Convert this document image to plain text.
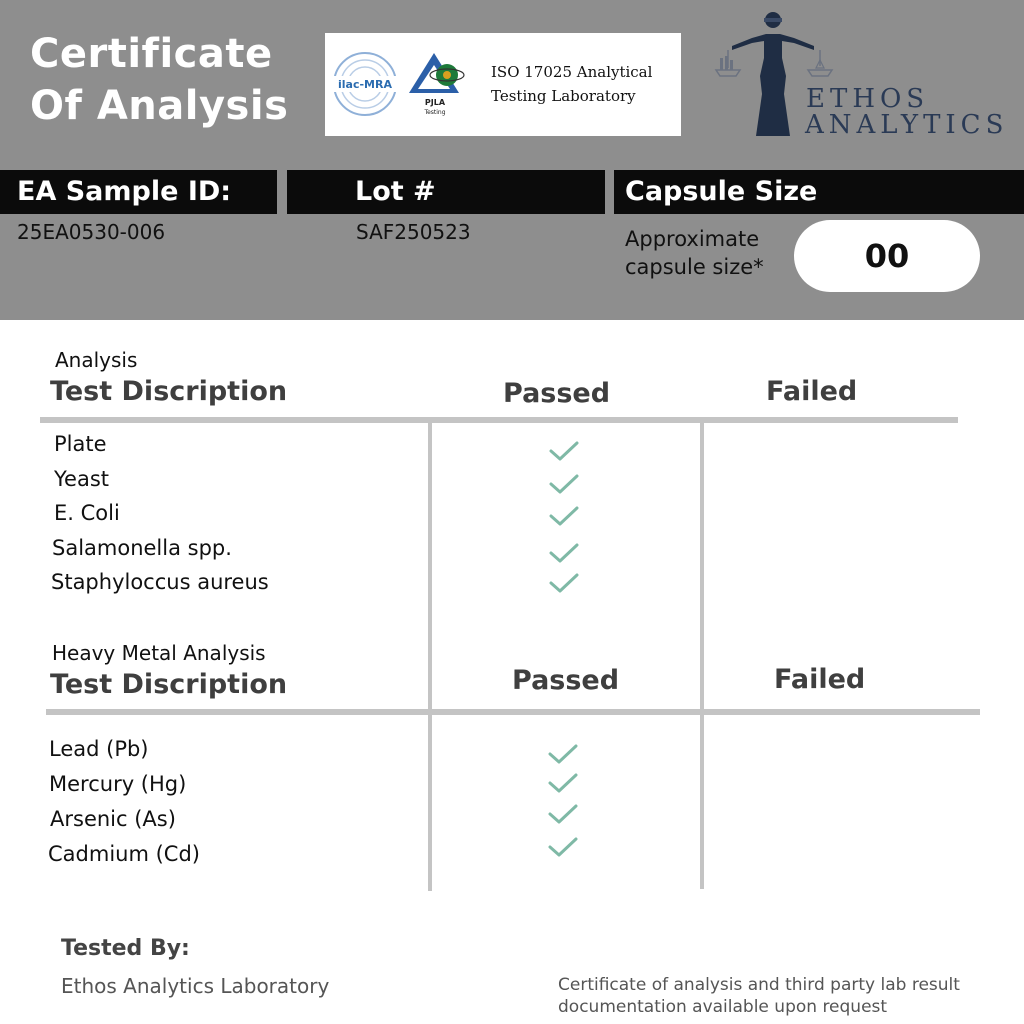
Certificate
Of Analysis	ilac-MRA
PJLA
Testing
ISO 17025 Analytical
Testing Laboratory	ETHOS
ANALYTICS
EA Sample ID:	Lot #	Capsule Size
25EA0530-006	SAF250523	Approximate
capsule size*	00
Analysis
Test Discription	Passed	Failed
Plate
Yeast
E. Coli
Salamonella spp.
Staphyloccus aureus
Heavy Metal Analysis
Test Discription	Passed	Failed
Lead (Pb)
Mercury (Hg)
Arsenic (As)
Cadmium (Cd)
Tested By:
Ethos Analytics Laboratory	Certificate of analysis and third party lab result
documentation available upon request
